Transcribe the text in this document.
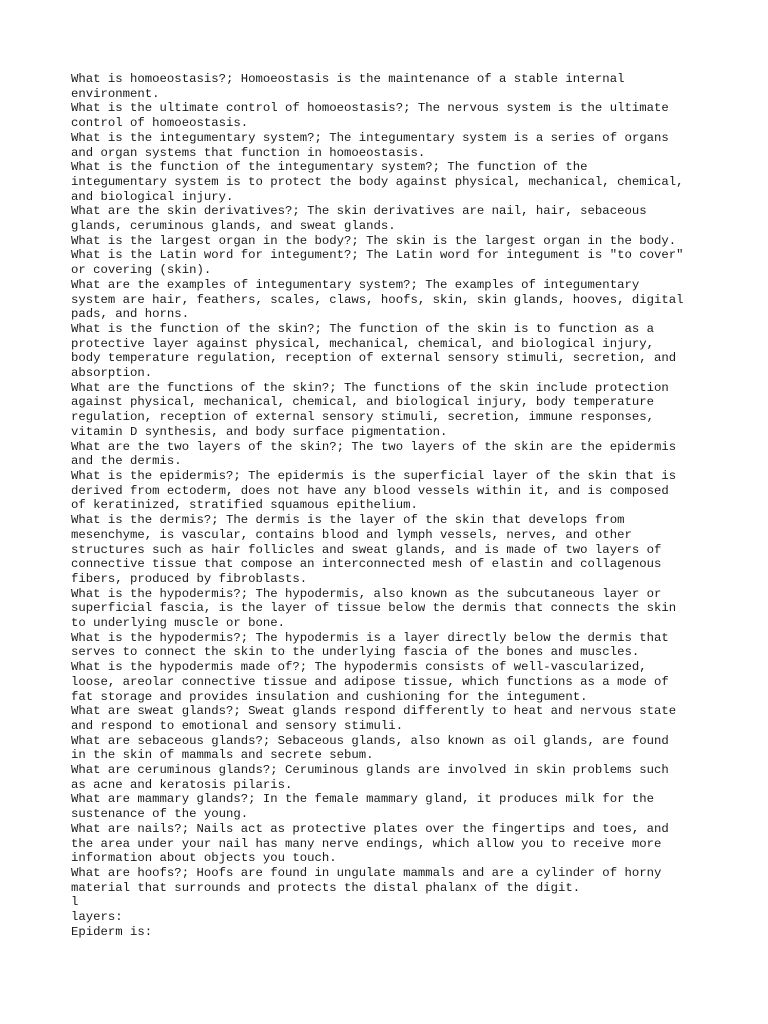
What is homoeostasis?; Homoeostasis is the maintenance of a stable internal
environment.
What is the ultimate control of homoeostasis?; The nervous system is the ultimate
control of homoeostasis.
What is the integumentary system?; The integumentary system is a series of organs
and organ systems that function in homoeostasis.
What is the function of the integumentary system?; The function of the
integumentary system is to protect the body against physical, mechanical, chemical,
and biological injury.
What are the skin derivatives?; The skin derivatives are nail, hair, sebaceous
glands, ceruminous glands, and sweat glands.
What is the largest organ in the body?; The skin is the largest organ in the body.
What is the Latin word for integument?; The Latin word for integument is "to cover"
or covering (skin).
What are the examples of integumentary system?; The examples of integumentary
system are hair, feathers, scales, claws, hoofs, skin, skin glands, hooves, digital
pads, and horns.
What is the function of the skin?; The function of the skin is to function as a
protective layer against physical, mechanical, chemical, and biological injury,
body temperature regulation, reception of external sensory stimuli, secretion, and
absorption.
What are the functions of the skin?; The functions of the skin include protection
against physical, mechanical, chemical, and biological injury, body temperature
regulation, reception of external sensory stimuli, secretion, immune responses,
vitamin D synthesis, and body surface pigmentation.
What are the two layers of the skin?; The two layers of the skin are the epidermis
and the dermis.
What is the epidermis?; The epidermis is the superficial layer of the skin that is
derived from ectoderm, does not have any blood vessels within it, and is composed
of keratinized, stratified squamous epithelium.
What is the dermis?; The dermis is the layer of the skin that develops from
mesenchyme, is vascular, contains blood and lymph vessels, nerves, and other
structures such as hair follicles and sweat glands, and is made of two layers of
connective tissue that compose an interconnected mesh of elastin and collagenous
fibers, produced by fibroblasts.
What is the hypodermis?; The hypodermis, also known as the subcutaneous layer or
superficial fascia, is the layer of tissue below the dermis that connects the skin
to underlying muscle or bone.
What is the hypodermis?; The hypodermis is a layer directly below the dermis that
serves to connect the skin to the underlying fascia of the bones and muscles.
What is the hypodermis made of?; The hypodermis consists of well-vascularized,
loose, areolar connective tissue and adipose tissue, which functions as a mode of
fat storage and provides insulation and cushioning for the integument.
What are sweat glands?; Sweat glands respond differently to heat and nervous state
and respond to emotional and sensory stimuli.
What are sebaceous glands?; Sebaceous glands, also known as oil glands, are found
in the skin of mammals and secrete sebum.
What are ceruminous glands?; Ceruminous glands are involved in skin problems such
as acne and keratosis pilaris.
What are mammary glands?; In the female mammary gland, it produces milk for the
sustenance of the young.
What are nails?; Nails act as protective plates over the fingertips and toes, and
the area under your nail has many nerve endings, which allow you to receive more
information about objects you touch.
What are hoofs?; Hoofs are found in ungulate mammals and are a cylinder of horny
material that surrounds and protects the distal phalanx of the digit.
l
layers:
Epiderm is:
